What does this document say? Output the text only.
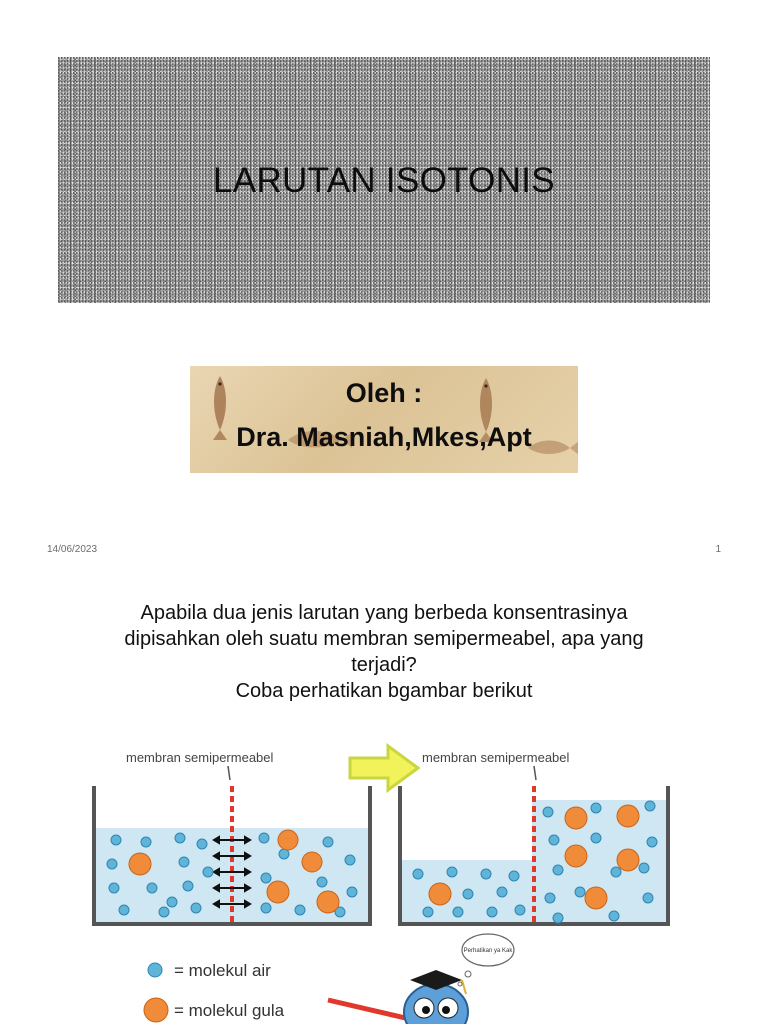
LARUTAN ISOTONIS
Oleh :
Dra. Masniah,Mkes,Apt
14/06/2023	1
Apabila dua jenis larutan yang berbeda konsentrasinya
dipisahkan oleh suatu membran semipermeabel, apa yang
terjadi?
Coba perhatikan bgambar berikut
membran semipermeabel	membran semipermeabel
= molekul air
= molekul gula
Perhatikan ya Kak
